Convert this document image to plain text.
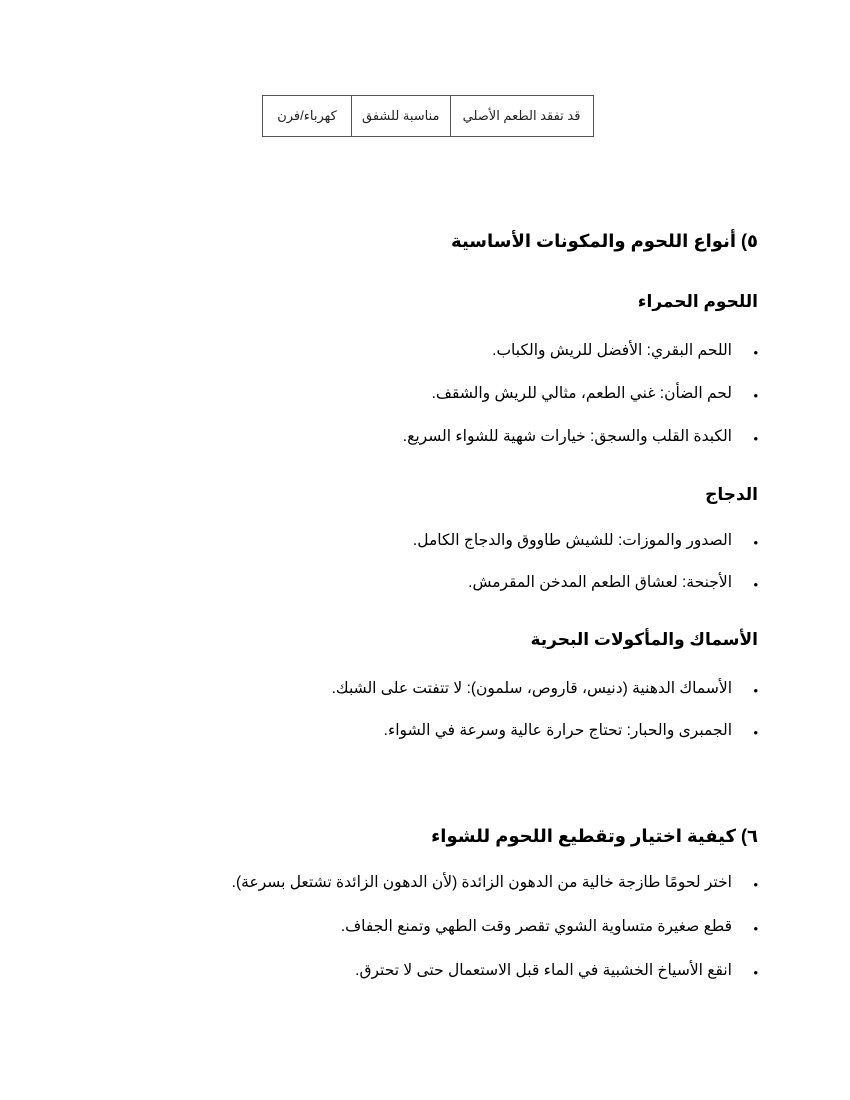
قد تفقد الطعم الأصلي	مناسبة للشفق	كهرباء/فرن
٥) أنواع اللحوم والمكونات الأساسية
اللحوم الحمراء
•
اللحم البقري: الأفضل للريش والكباب.
•
لحم الضأن: غني الطعم، مثالي للريش والشقف.
•
الكبدة القلب والسجق: خيارات شهية للشواء السريع.
الدجاج
•
الصدور والموزات: للشيش طاووق والدجاج الكامل.
•
الأجنحة: لعشاق الطعم المدخن المقرمش.
الأسماك والمأكولات البحرية
•
الأسماك الدهنية (دنيس، قاروص، سلمون): لا تتفتت على الشبك.
•
الجمبرى والحبار: تحتاج حرارة عالية وسرعة في الشواء.
٦) كيفية اختيار وتقطيع اللحوم للشواء
•
اختر لحومًا طازجة خالية من الدهون الزائدة (لأن الدهون الزائدة تشتعل بسرعة).
•
قطع صغيرة متساوية الشوي تقصر وقت الطهي وتمنع الجفاف.
•
انقع الأسياخ الخشبية في الماء قبل الاستعمال حتى لا تحترق.
